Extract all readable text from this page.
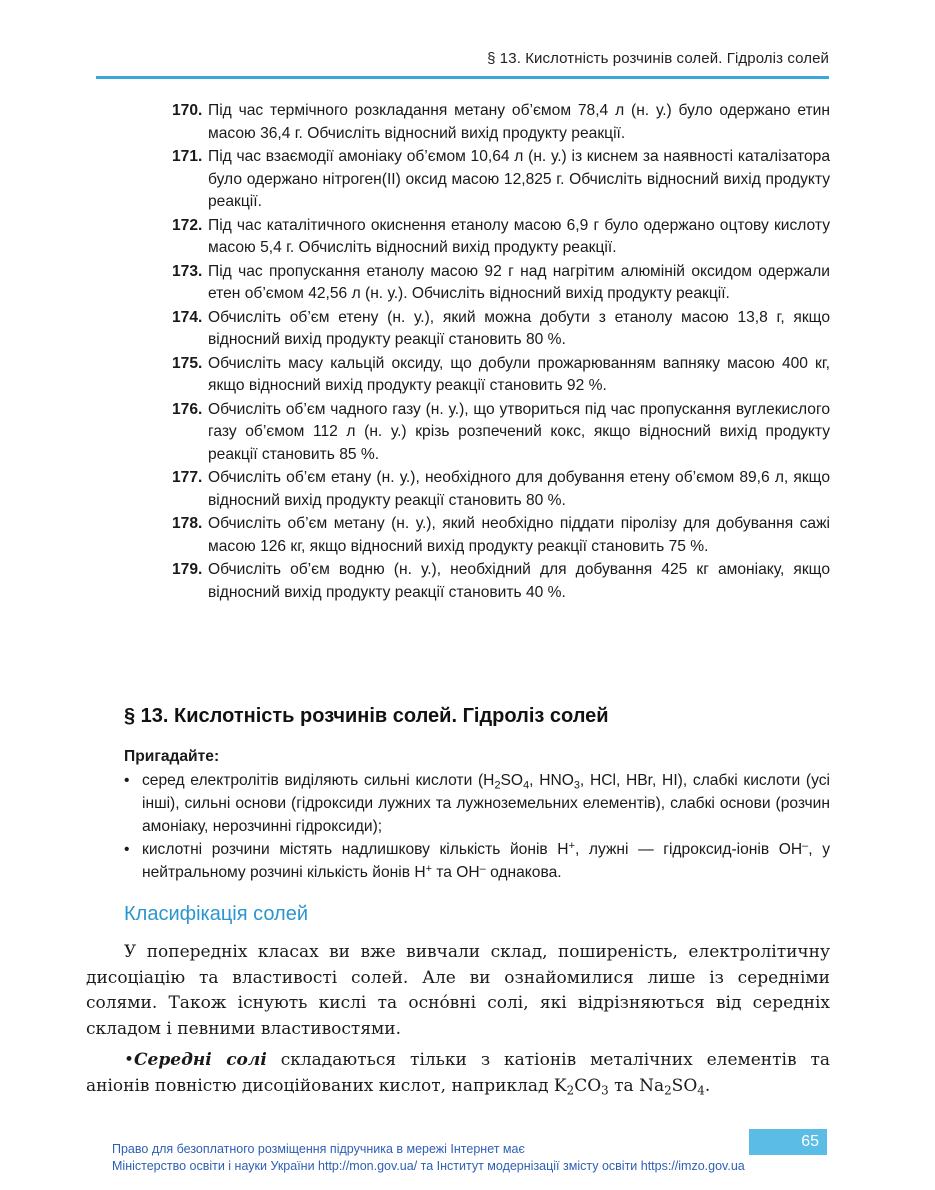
§ 13. Кислотність розчинів солей. Гідроліз солей
170. Під час термічного розкладання метану об’ємом 78,4 л (н. у.) було одержано етин масою 36,4 г. Обчисліть відносний вихід продукту реакції.
171. Під час взаємодії амоніаку об’ємом 10,64 л (н. у.) із киснем за наявності каталізатора було одержано нітроген(ІІ) оксид масою 12,825 г. Обчисліть відносний вихід продукту реакції.
172. Під час каталітичного окиснення етанолу масою 6,9 г було одержано оцтову кислоту масою 5,4 г. Обчисліть відносний вихід продукту реакції.
173. Під час пропускання етанолу масою 92 г над нагрітим алюміній оксидом одержали етен об’ємом 42,56 л (н. у.). Обчисліть відносний вихід продукту реакції.
174. Обчисліть об’єм етену (н. у.), який можна добути з етанолу масою 13,8 г, якщо відносний вихід продукту реакції становить 80 %.
175. Обчисліть масу кальцій оксиду, що добули прожарюванням вапняку масою 400 кг, якщо відносний вихід продукту реакції становить 92 %.
176. Обчисліть об’єм чадного газу (н. у.), що утвориться під час пропускання вуглекислого газу об’ємом 112 л (н. у.) крізь розпечений кокс, якщо відносний вихід продукту реакції становить 85 %.
177. Обчисліть об’єм етану (н. у.), необхідного для добування етену об’ємом 89,6 л, якщо відносний вихід продукту реакції становить 80 %.
178. Обчисліть об’єм метану (н. у.), який необхідно піддати піролізу для добування сажі масою 126 кг, якщо відносний вихід продукту реакції становить 75 %.
179. Обчисліть об’єм водню (н. у.), необхідний для добування 425 кг амоніаку, якщо відносний вихід продукту реакції становить 40 %.
§ 13. Кислотність розчинів солей. Гідроліз солей
Пригадайте:
• серед електролітів виділяють сильні кислоти ($H_2SO_4$, $HNO_3$, HCl, HBr, HI), слабкі кислоти (усі інші), сильні основи (гідроксиди лужних та лужноземельних елементів), слабкі основи (розчин амоніаку, нерозчинні гідроксиди);
• кислотні розчини містять надлишкову кількість йонів H+, лужні — гідроксид-іонів OH–, у нейтральному розчині кількість йонів H+ та OH– однакова.
Класифікація солей
У попередніх класах ви вже вивчали склад, поширеність, електролітичну дисоціацію та властивості солей. Але ви ознайомилися лише із середніми солями. Також існують кислі та осно́вні солі, які відрізняються від середніх складом і певними властивостями.
•Середні солі складаються тільки з катіонів металічних елементів та аніонів повністю дисоційованих кислот, наприклад $K_2CO_3$ та $Na_2SO_4$.
Право для безоплатного розміщення підручника в мережі Інтернет має
Міністерство освіти і науки України http://mon.gov.ua/ та Інститут модернізації змісту освіти https://imzo.gov.ua
65
